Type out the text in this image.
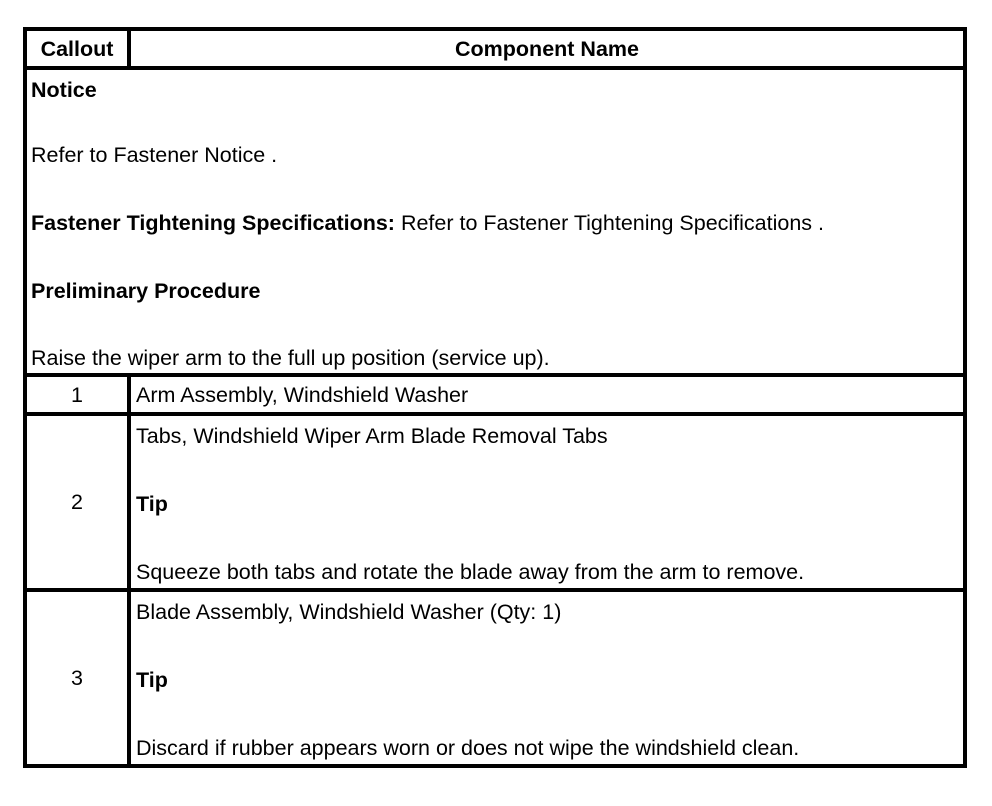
Callout	Component Name

Notice

Refer to Fastener Notice .

Fastener Tightening Specifications: Refer to Fastener Tightening Specifications .

Preliminary Procedure

Raise the wiper arm to the full up position (service up).	

1	Arm Assembly, Windshield Washer
2	Tabs, Windshield Wiper Arm Blade Removal Tabs

Tip

Squeeze both tabs and rotate the blade away from the arm to remove.

3	Blade Assembly, Windshield Washer (Qty: 1)

Tip

Discard if rubber appears worn or does not wipe the windshield clean.
